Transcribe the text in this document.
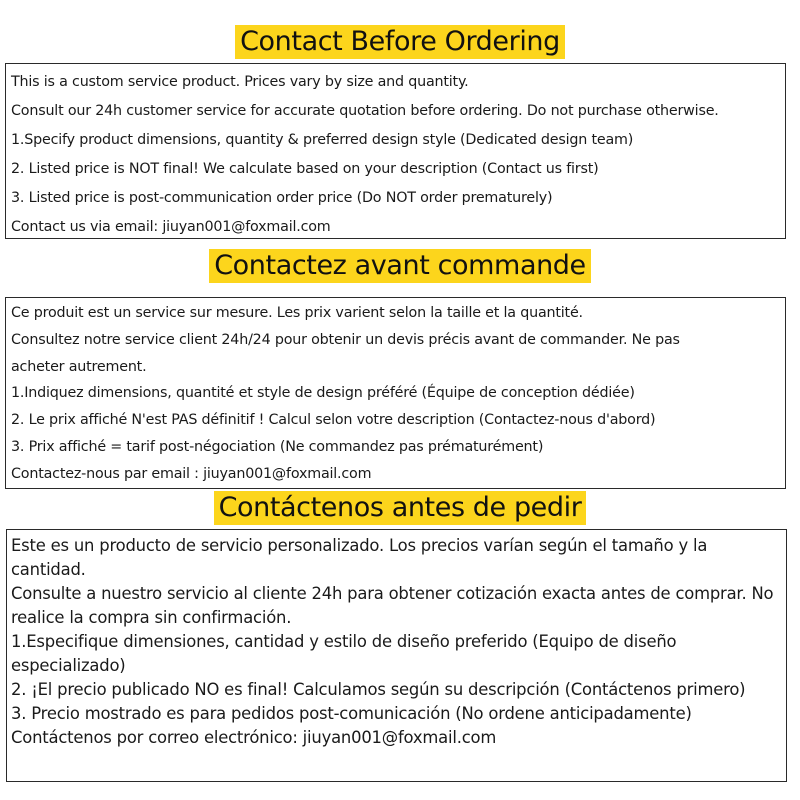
Contact Before Ordering

This is a custom service product. Prices vary by size and quantity.

Consult our 24h customer service for accurate quotation before ordering. Do not purchase otherwise.

1.Specify product dimensions, quantity & preferred design style (Dedicated design team)

2. Listed price is NOT final! We calculate based on your description (Contact us first)

3. Listed price is post-communication order price (Do NOT order prematurely)

Contact us via email: jiuyan001@foxmail.com

Contactez avant commande

Ce produit est un service sur mesure. Les prix varient selon la taille et la quantité.

Consultez notre service client 24h/24 pour obtenir un devis précis avant de commander. Ne pas

acheter autrement.

1.Indiquez dimensions, quantité et style de design préféré (Équipe de conception dédiée)

2. Le prix affiché N'est PAS définitif ! Calcul selon votre description (Contactez-nous d'abord)

3. Prix affiché = tarif post-négociation (Ne commandez pas prématurément)

Contactez-nous par email : jiuyan001@foxmail.com

Contáctenos antes de pedir

Este es un producto de servicio personalizado. Los precios varían según el tamaño y la cantidad.

Consulte a nuestro servicio al cliente 24h para obtener cotización exacta antes de comprar. No realice la compra sin confirmación.

1.Especifique dimensiones, cantidad y estilo de diseño preferido (Equipo de diseño especializado)

2. ¡El precio publicado NO es final! Calculamos según su descripción (Contáctenos primero)

3. Precio mostrado es para pedidos post-comunicación (No ordene anticipadamente)

Contáctenos por correo electrónico: jiuyan001@foxmail.com
